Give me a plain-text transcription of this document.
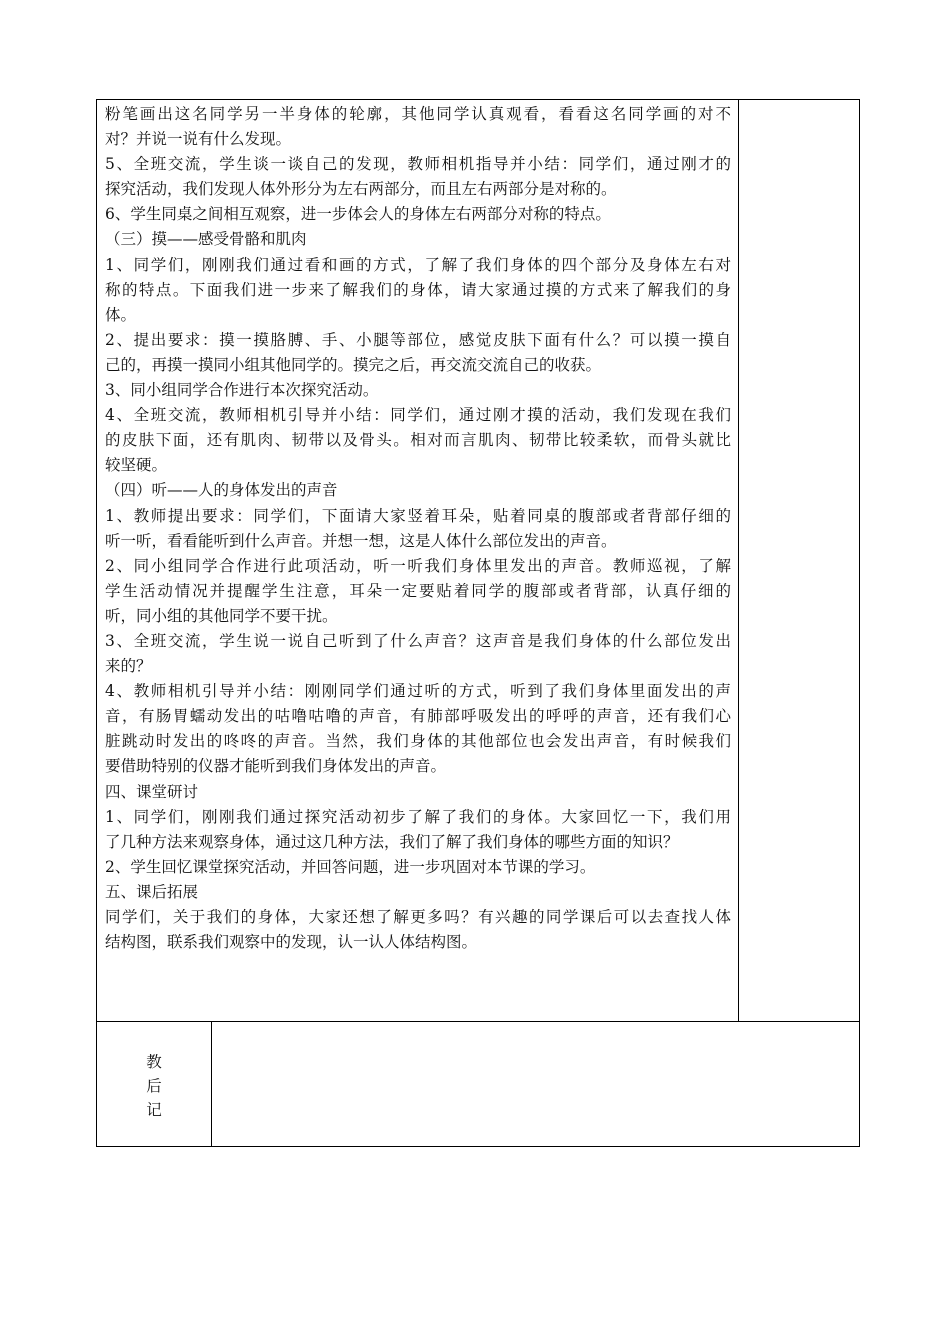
粉笔画出这名同学另一半身体的轮廓，其他同学认真观看，看看这名同学画的对不
对？并说一说有什么发现。
5、全班交流，学生谈一谈自己的发现，教师相机指导并小结：同学们，通过刚才的
探究活动，我们发现人体外形分为左右两部分，而且左右两部分是对称的。
6、学生同桌之间相互观察，进一步体会人的身体左右两部分对称的特点。
（三）摸——感受骨骼和肌肉
1、同学们，刚刚我们通过看和画的方式，了解了我们身体的四个部分及身体左右对
称的特点。下面我们进一步来了解我们的身体，请大家通过摸的方式来了解我们的身
体。
2、提出要求：摸一摸胳膊、手、小腿等部位，感觉皮肤下面有什么？可以摸一摸自
己的，再摸一摸同小组其他同学的。摸完之后，再交流交流自己的收获。
3、同小组同学合作进行本次探究活动。
4、全班交流，教师相机引导并小结：同学们，通过刚才摸的活动，我们发现在我们
的皮肤下面，还有肌肉、韧带以及骨头。相对而言肌肉、韧带比较柔软，而骨头就比
较坚硬。
（四）听——人的身体发出的声音
1、教师提出要求：同学们，下面请大家竖着耳朵，贴着同桌的腹部或者背部仔细的
听一听，看看能听到什么声音。并想一想，这是人体什么部位发出的声音。
2、同小组同学合作进行此项活动，听一听我们身体里发出的声音。教师巡视，了解
学生活动情况并提醒学生注意，耳朵一定要贴着同学的腹部或者背部，认真仔细的
听，同小组的其他同学不要干扰。
3、全班交流，学生说一说自己听到了什么声音？这声音是我们身体的什么部位发出
来的？
4、教师相机引导并小结：刚刚同学们通过听的方式，听到了我们身体里面发出的声
音，有肠胃蠕动发出的咕噜咕噜的声音，有肺部呼吸发出的呼呼的声音，还有我们心
脏跳动时发出的咚咚的声音。当然，我们身体的其他部位也会发出声音，有时候我们
要借助特别的仪器才能听到我们身体发出的声音。
四、课堂研讨
1、同学们，刚刚我们通过探究活动初步了解了我们的身体。大家回忆一下，我们用
了几种方法来观察身体，通过这几种方法，我们了解了我们身体的哪些方面的知识？
2、学生回忆课堂探究活动，并回答问题，进一步巩固对本节课的学习。
五、课后拓展
同学们，关于我们的身体，大家还想了解更多吗？有兴趣的同学课后可以去查找人体
结构图，联系我们观察中的发现，认一认人体结构图。
教
后
记
